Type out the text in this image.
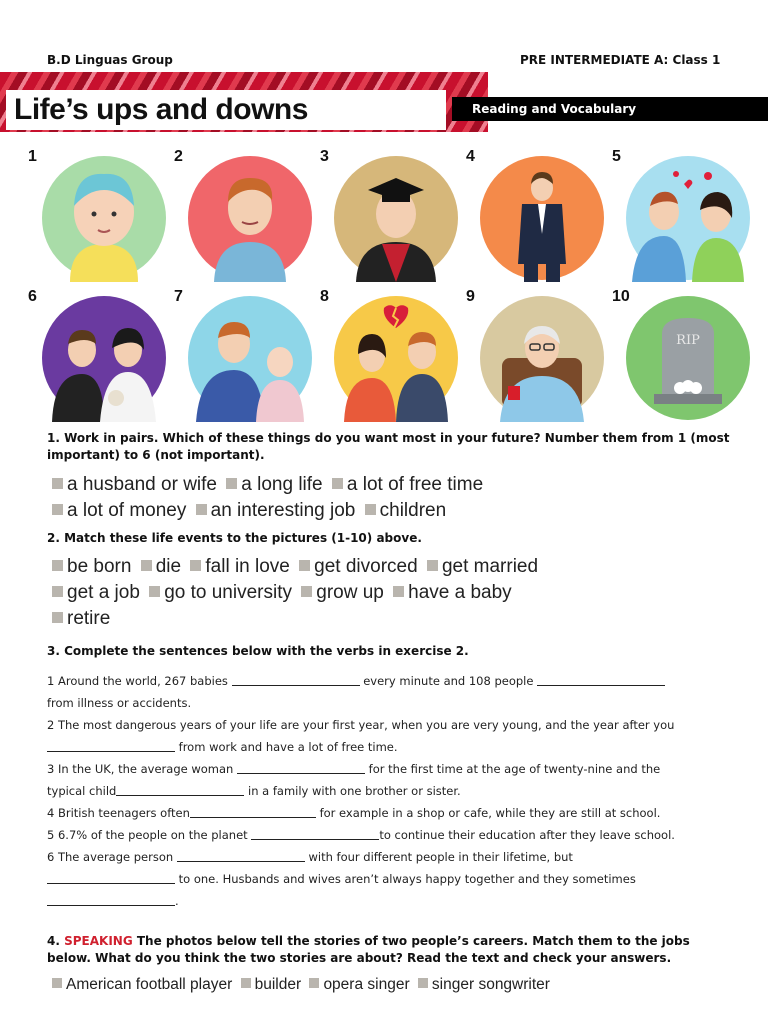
B.D Linguas Group	PRE INTERMEDIATE A: Class 1
Life’s ups and downs	Reading and Vocabulary
1	2	3	4	5
6	7	8	9	10
RIP
1. Work in pairs. Which of these things do you want most in your future? Number them from 1 (most important) to 6 (not important).
a husband or wife a long life a lot of free time
a lot of money an interesting job children
2. Match these life events to the pictures (1-10) above.
be born die fall in love get divorced get married
get a job go to university grow up have a baby
retire
3. Complete the sentences below with the verbs in exercise 2.
1 Around the world, 267 babies	every minute and 108 people
from illness or accidents.
2 The most dangerous years of your life are your first year, when you are very young, and the year after you
from work and have a lot of free time.
3 In the UK, the average woman	for the first time at the age of twenty-nine and the
typical child	in a family with one brother or sister.
4 British teenagers often	for example in a shop or cafe, while they are still at school.
5 6.7% of the people on the planet	to continue their education after they leave school.
6 The average person	with four different people in their lifetime, but
to one. Husbands and wives aren’t always happy together and they sometimes
.
4. SPEAKING The photos below tell the stories of two people’s careers. Match them to the jobs below. What do you think the two stories are about? Read the text and check your answers.
American football player builder opera singer singer songwriter
